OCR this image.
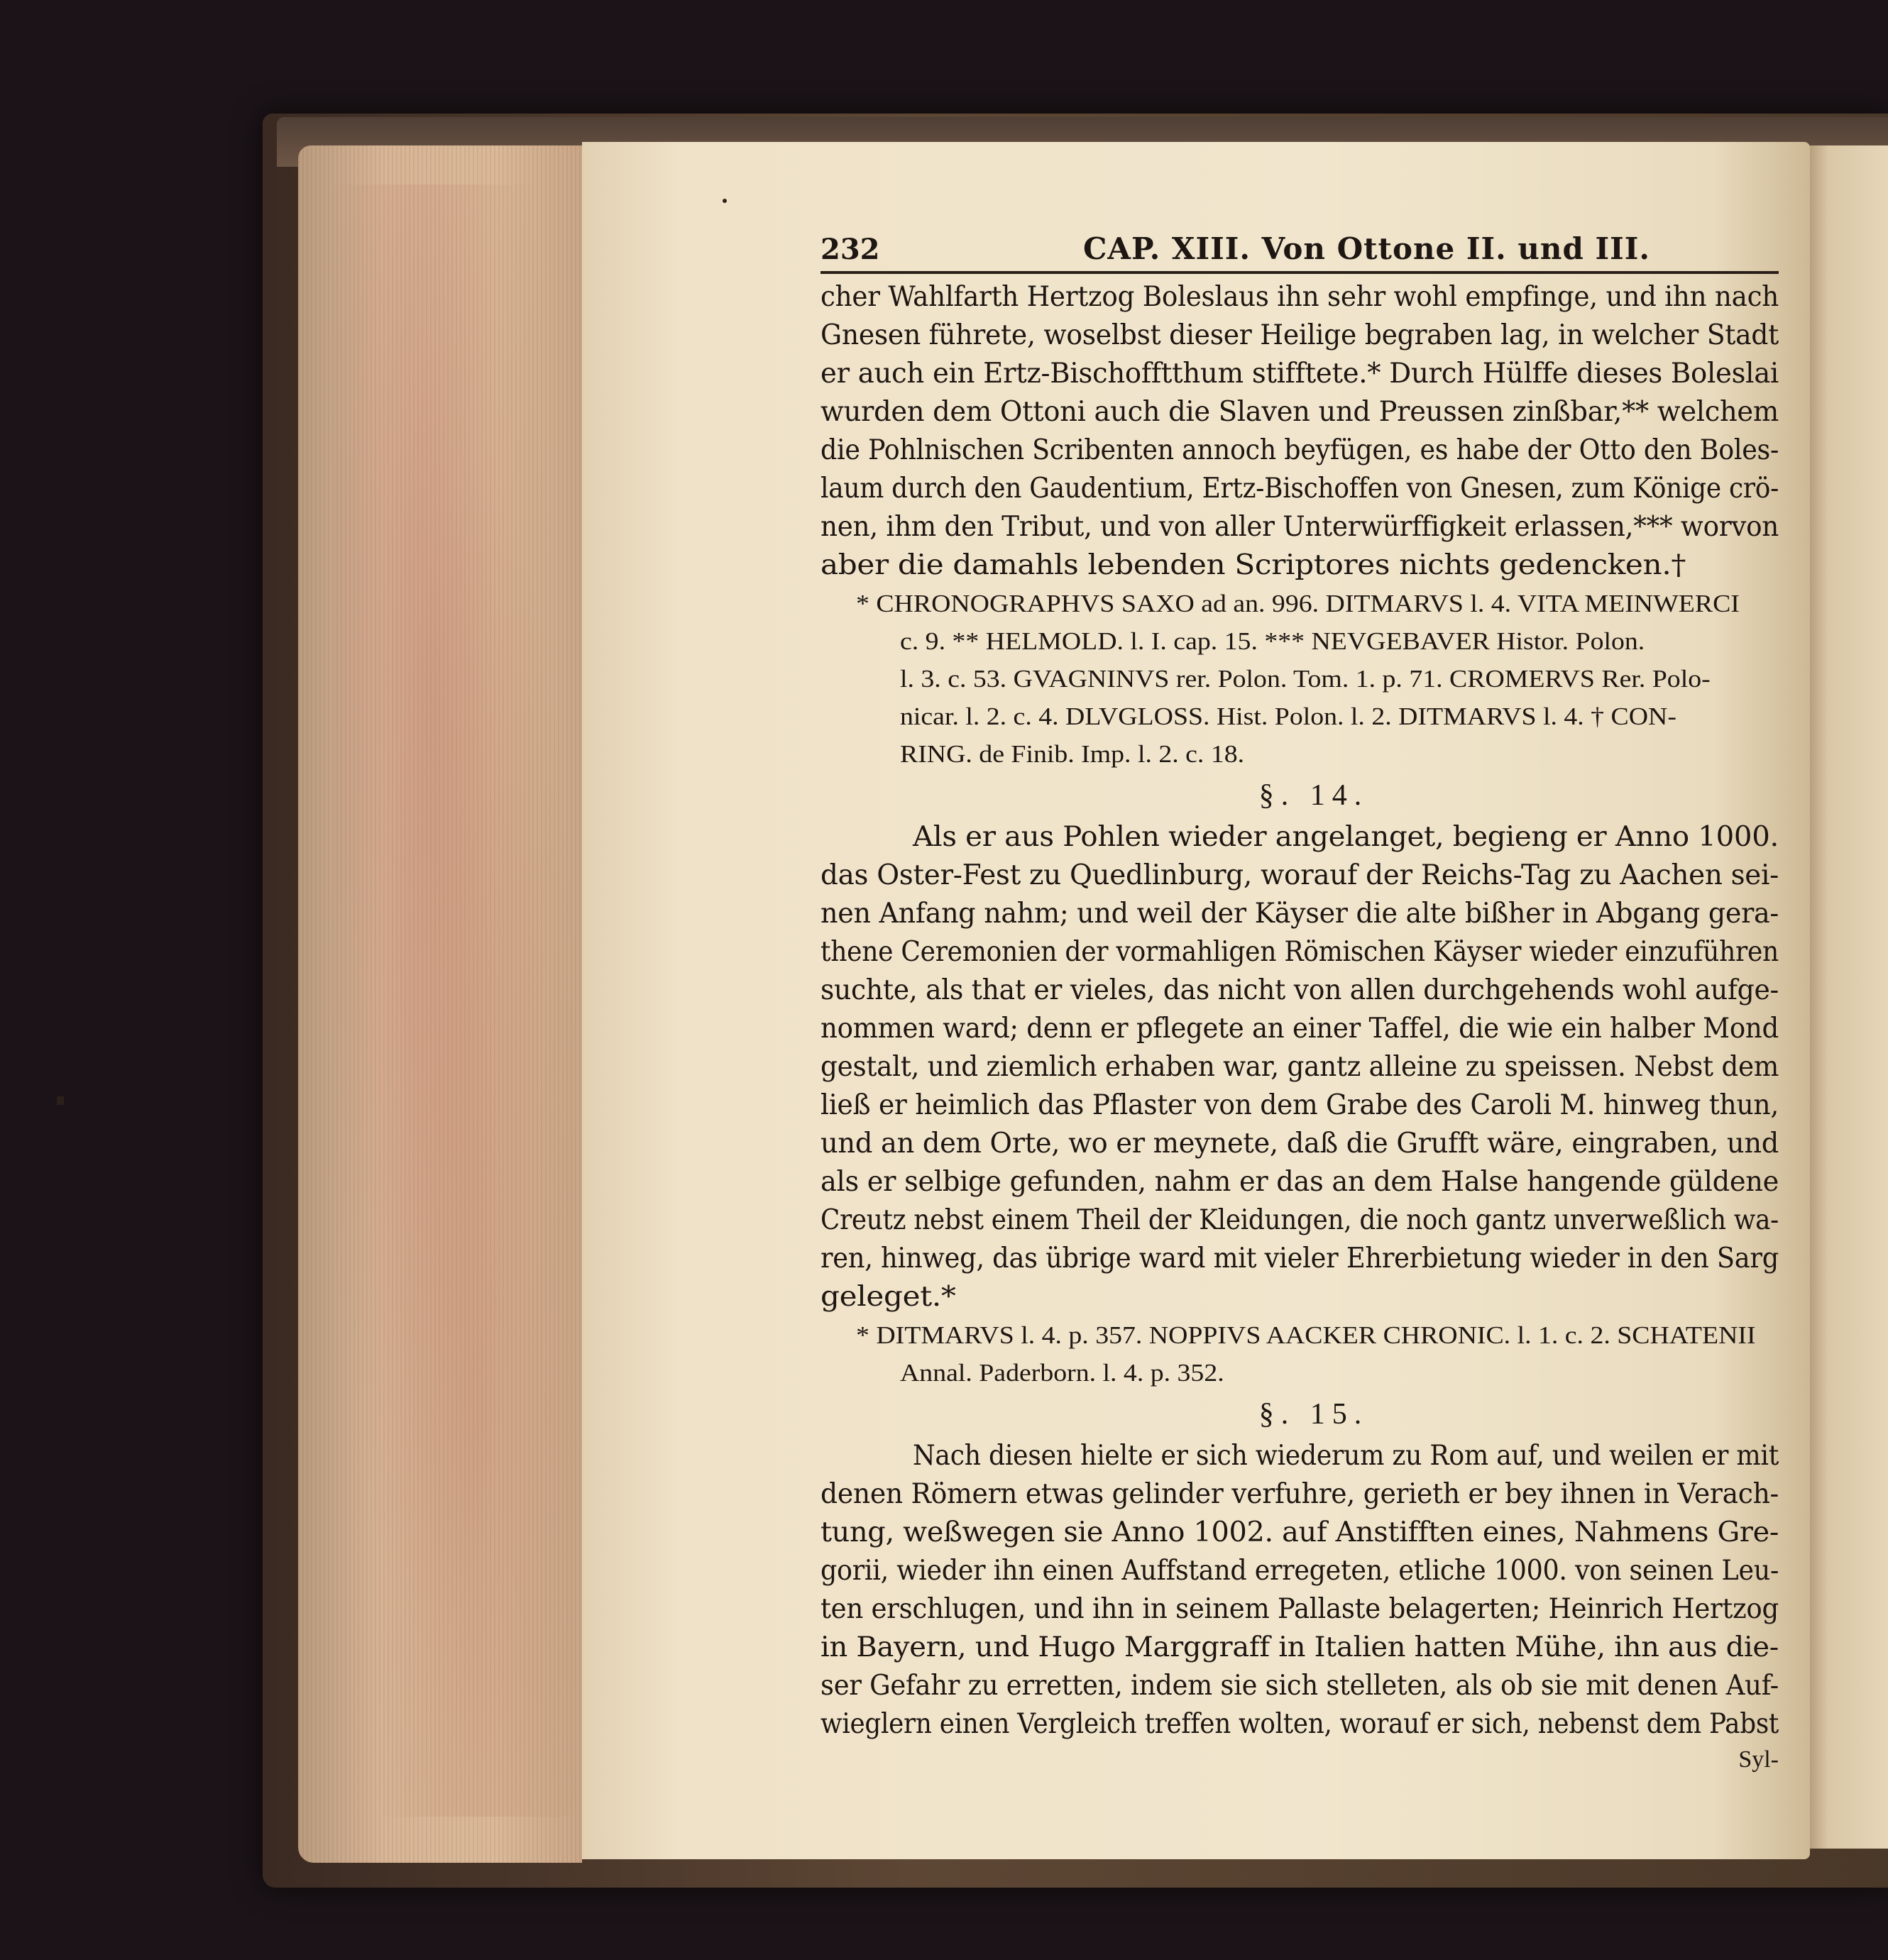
232	CAP. XIII. Von Ottone II. und III.
cher Wahlfarth Hertzog Boleslaus ihn sehr wohl empfinge, und ihn nach
Gnesen führete, woselbst dieser Heilige begraben lag, in welcher Stadt
er auch ein Ertz-Bischofftthum stifftete.* Durch Hülffe dieses Boleslai
wurden dem Ottoni auch die Slaven und Preussen zinßbar,** welchem
die Pohlnischen Scribenten annoch beyfügen, es habe der Otto den Boles-
laum durch den Gaudentium, Ertz-Bischoffen von Gnesen, zum Könige crö-
nen, ihm den Tribut, und von aller Unterwürffigkeit erlassen,*** worvon
aber die damahls lebenden Scriptores nichts gedencken.†
* CHRONOGRAPHVS SAXO ad an. 996. DITMARVS l. 4. VITA MEINWERCI
c. 9. ** HELMOLD. l. I. cap. 15. *** NEVGEBAVER Histor. Polon.
l. 3. c. 53. GVAGNINVS rer. Polon. Tom. 1. p. 71. CROMERVS Rer. Polo-
nicar. l. 2. c. 4. DLVGLOSS. Hist. Polon. l. 2. DITMARVS l. 4. † CON-
RING. de Finib. Imp. l. 2. c. 18.
§. 14.
Als er aus Pohlen wieder angelanget, begieng er Anno 1000.
das Oster-Fest zu Quedlinburg, worauf der Reichs-Tag zu Aachen sei-
nen Anfang nahm; und weil der Käyser die alte bißher in Abgang gera-
thene Ceremonien der vormahligen Römischen Käyser wieder einzuführen
suchte, als that er vieles, das nicht von allen durchgehends wohl aufge-
nommen ward; denn er pflegete an einer Taffel, die wie ein halber Mond
gestalt, und ziemlich erhaben war, gantz alleine zu speissen. Nebst dem
ließ er heimlich das Pflaster von dem Grabe des Caroli M. hinweg thun,
und an dem Orte, wo er meynete, daß die Grufft wäre, eingraben, und
als er selbige gefunden, nahm er das an dem Halse hangende güldene
Creutz nebst einem Theil der Kleidungen, die noch gantz unverweßlich wa-
ren, hinweg, das übrige ward mit vieler Ehrerbietung wieder in den Sarg
geleget.*
* DITMARVS l. 4. p. 357. NOPPIVS AACKER CHRONIC. l. 1. c. 2. SCHATENII
Annal. Paderborn. l. 4. p. 352.
§. 15.
Nach diesen hielte er sich wiederum zu Rom auf, und weilen er mit
denen Römern etwas gelinder verfuhre, gerieth er bey ihnen in Verach-
tung, weßwegen sie Anno 1002. auf Anstifften eines, Nahmens Gre-
gorii, wieder ihn einen Auffstand erregeten, etliche 1000. von seinen Leu-
ten erschlugen, und ihn in seinem Pallaste belagerten; Heinrich Hertzog
in Bayern, und Hugo Marggraff in Italien hatten Mühe, ihn aus die-
ser Gefahr zu erretten, indem sie sich stelleten, als ob sie mit denen Auf-
wieglern einen Vergleich treffen wolten, worauf er sich, nebenst dem Pabst
Syl-
